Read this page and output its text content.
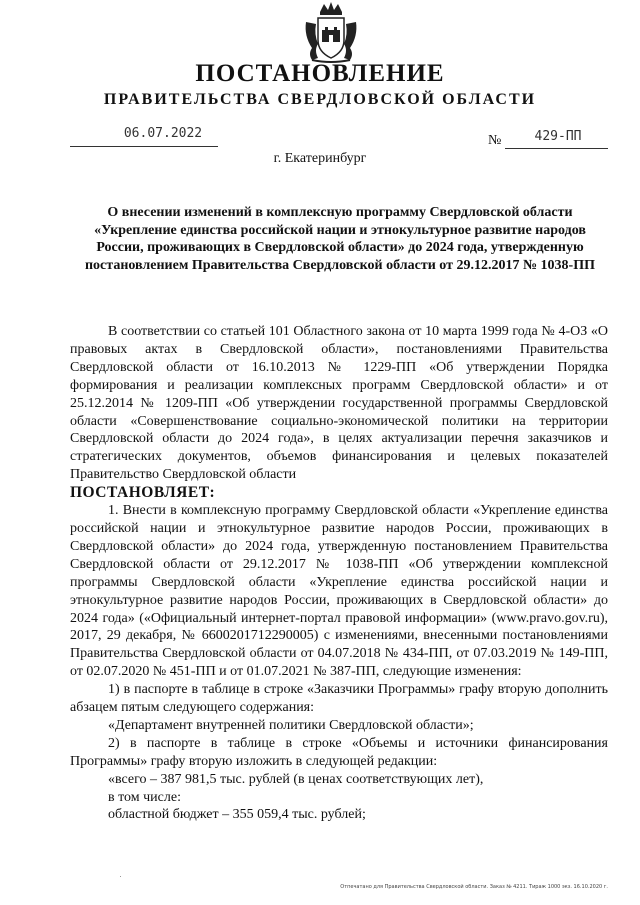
ПОСТАНОВЛЕНИЕ
ПРАВИТЕЛЬСТВА СВЕРДЛОВСКОЙ ОБЛАСТИ
06.07.2022	№	429-ПП
г. Екатеринбург
О внесении изменений в комплексную программу Свердловской области «Укрепление единства российской нации и этнокультурное развитие народов России, проживающих в Свердловской области» до 2024 года, утвержденную постановлением Правительства Свердловской области от 29.12.2017 № 1038-ПП

В соответствии со статьей 101 Областного закона от 10 марта 1999 года № 4-ОЗ «О правовых актах в Свердловской области», постановлениями Правительства Свердловской области от 16.10.2013 № 1229-ПП «Об утверждении Порядка формирования и реализации комплексных программ Свердловской области» и от 25.12.2014 № 1209-ПП «Об утверждении государственной программы Свердловской области «Совершенствование социально-экономической политики на территории Свердловской области до 2024 года», в целях актуализации перечня заказчиков и стратегических документов, объемов финансирования и целевых показателей Правительство Свердловской области

ПОСТАНОВЛЯЕТ:

1. Внести в комплексную программу Свердловской области «Укрепление единства российской нации и этнокультурное развитие народов России, проживающих в Свердловской области» до 2024 года, утвержденную постановлением Правительства Свердловской области от 29.12.2017 № 1038-ПП «Об утверждении комплексной программы Свердловской области «Укрепление единства российской нации и этнокультурное развитие народов России, проживающих в Свердловской области» до 2024 года» («Официальный интернет-портал правовой информации» (www.pravo.gov.ru), 2017, 29 декабря, № 6600201712290005) с изменениями, внесенными постановлениями Правительства Свердловской области от 04.07.2018 № 434-ПП, от 07.03.2019 № 149-ПП, от 02.07.2020 № 451-ПП и от 01.07.2021 № 387-ПП, следующие изменения:

1) в паспорте в таблице в строке «Заказчики Программы» графу вторую дополнить абзацем пятым следующего содержания:

«Департамент внутренней политики Свердловской области»;

2) в паспорте в таблице в строке «Объемы и источники финансирования Программы» графу вторую изложить в следующей редакции:

«всего – 387 981,5 тыс. рублей (в ценах соответствующих лет),

в том числе:

областной бюджет – 355 059,4 тыс. рублей;

Отпечатано для Правительства Свердловской области. Заказ № 4211. Тираж 1000 экз. 16.10.2020 г.
